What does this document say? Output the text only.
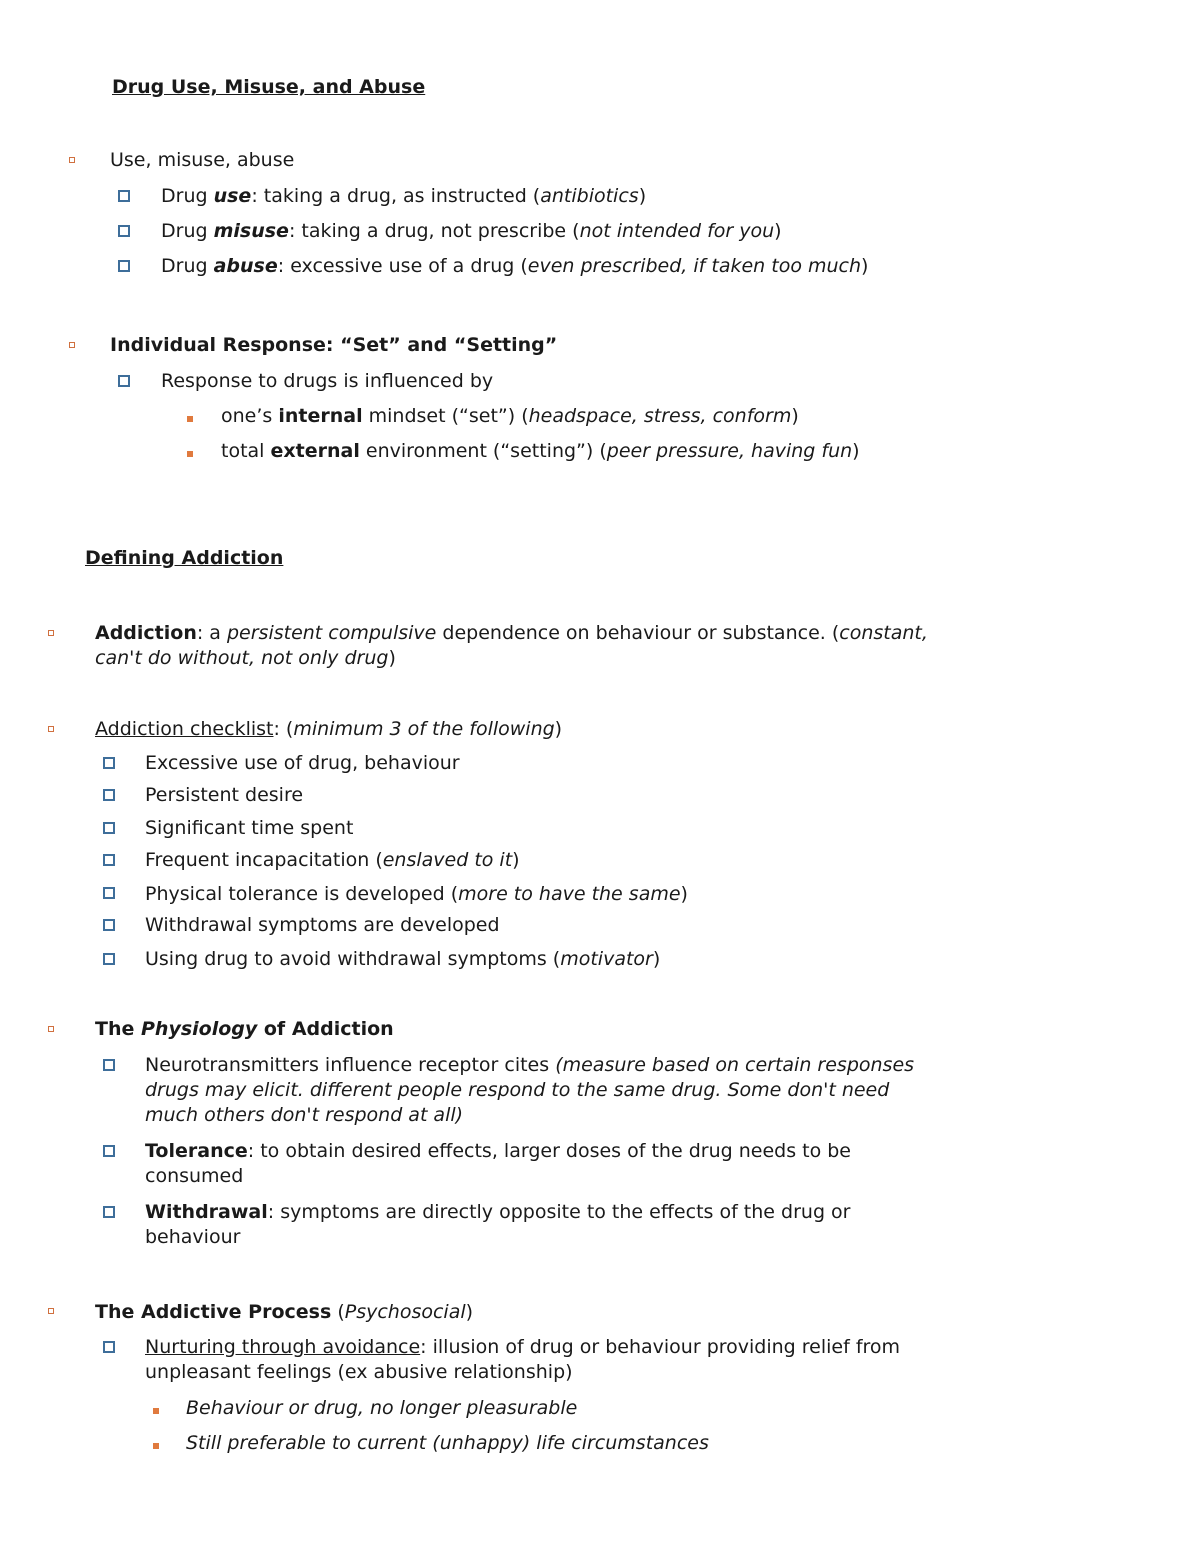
Drug Use, Misuse, and Abuse
Use, misuse, abuse
Drug use: taking a drug, as instructed (antibiotics)
Drug misuse: taking a drug, not prescribe (not intended for you)
Drug abuse: excessive use of a drug (even prescribed, if taken too much)
Individual Response: “Set” and “Setting”
Response to drugs is influenced by
one’s internal mindset (“set”) (headspace, stress, conform)
total external environment (“setting”) (peer pressure, having fun)
Defining Addiction
Addiction: a persistent compulsive dependence on behaviour or substance. (constant, can't do without, not only drug)
Addiction checklist: (minimum 3 of the following)
Excessive use of drug, behaviour
Persistent desire
Significant time spent
Frequent incapacitation (enslaved to it)
Physical tolerance is developed (more to have the same)
Withdrawal symptoms are developed
Using drug to avoid withdrawal symptoms (motivator)
The Physiology of Addiction
Neurotransmitters influence receptor cites (measure based on certain responses drugs may elicit. different people respond to the same drug. Some don't need much others don't respond at all)
Tolerance: to obtain desired effects, larger doses of the drug needs to be consumed
Withdrawal: symptoms are directly opposite to the effects of the drug or behaviour
The Addictive Process (Psychosocial)
Nurturing through avoidance: illusion of drug or behaviour providing relief from unpleasant feelings (ex abusive relationship)
Behaviour or drug, no longer pleasurable
Still preferable to current (unhappy) life circumstances
